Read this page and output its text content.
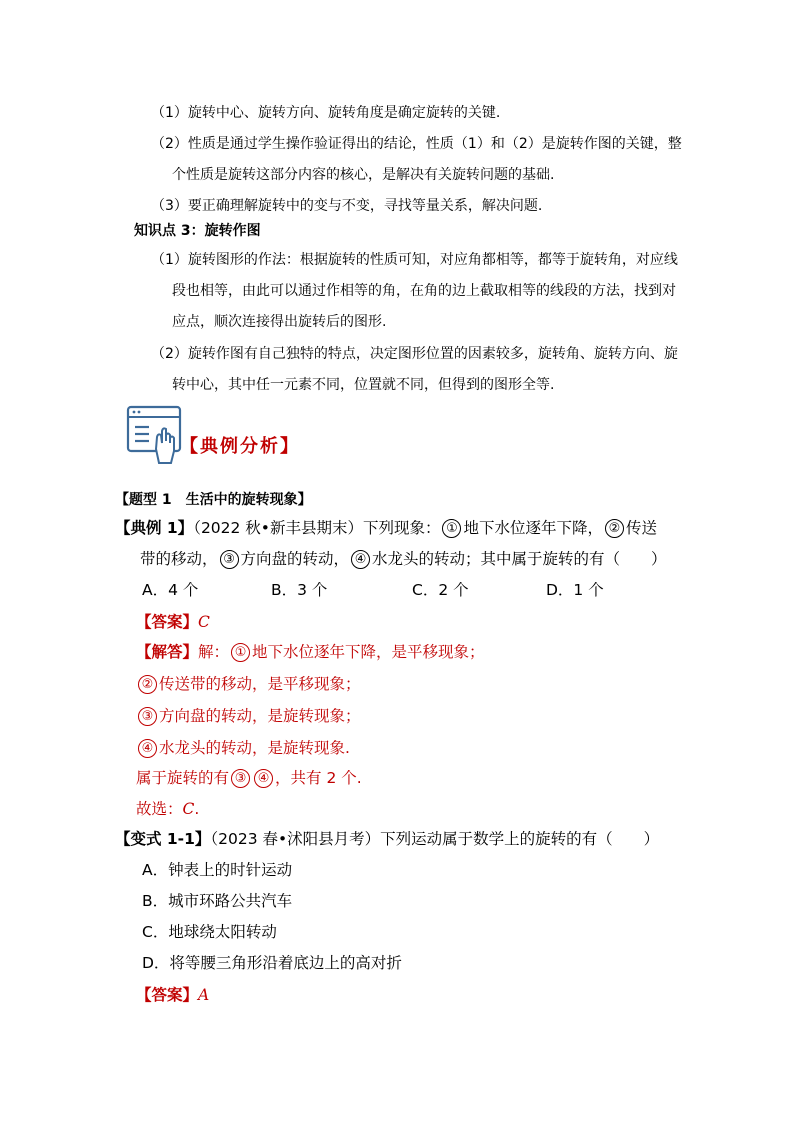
（1）旋转中心、旋转方向、旋转角度是确定旋转的关键.
（2）性质是通过学生操作验证得出的结论，性质（1）和（2）是旋转作图的关键，整
个性质是旋转这部分内容的核心，是解决有关旋转问题的基础.
（3）要正确理解旋转中的变与不变，寻找等量关系，解决问题.
知识点 3：旋转作图
（1）旋转图形的作法：根据旋转的性质可知，对应角都相等，都等于旋转角，对应线
段也相等，由此可以通过作相等的角，在角的边上截取相等的线段的方法，找到对
应点，顺次连接得出旋转后的图形.
（2）旋转作图有自己独特的特点，决定图形位置的因素较多，旋转角、旋转方向、旋
转中心，其中任一元素不同，位置就不同，但得到的图形全等.
【典例分析】
【题型 1　生活中的旋转现象】
【典例 1】（2022 秋•新丰县期末）下列现象： ① 地下水位逐年下降， ② 传送
带的移动， ③ 方向盘的转动， ④ 水龙头的转动；其中属于旋转的有（　　）
A．4 个	B．3 个	C．2 个	D．1 个
【答案】C
【解答】解： ① 地下水位逐年下降，是平移现象；
② 传送带的移动，是平移现象；
③ 方向盘的转动，是旋转现象；
④ 水龙头的转动，是旋转现象.
属于旋转的有 ③ ④ ，共有 2 个.
故选：C.
【变式 1-1】（2023 春•沭阳县月考）下列运动属于数学上的旋转的有（　　）
A．钟表上的时针运动
B．城市环路公共汽车
C．地球绕太阳转动
D．将等腰三角形沿着底边上的高对折
【答案】A
